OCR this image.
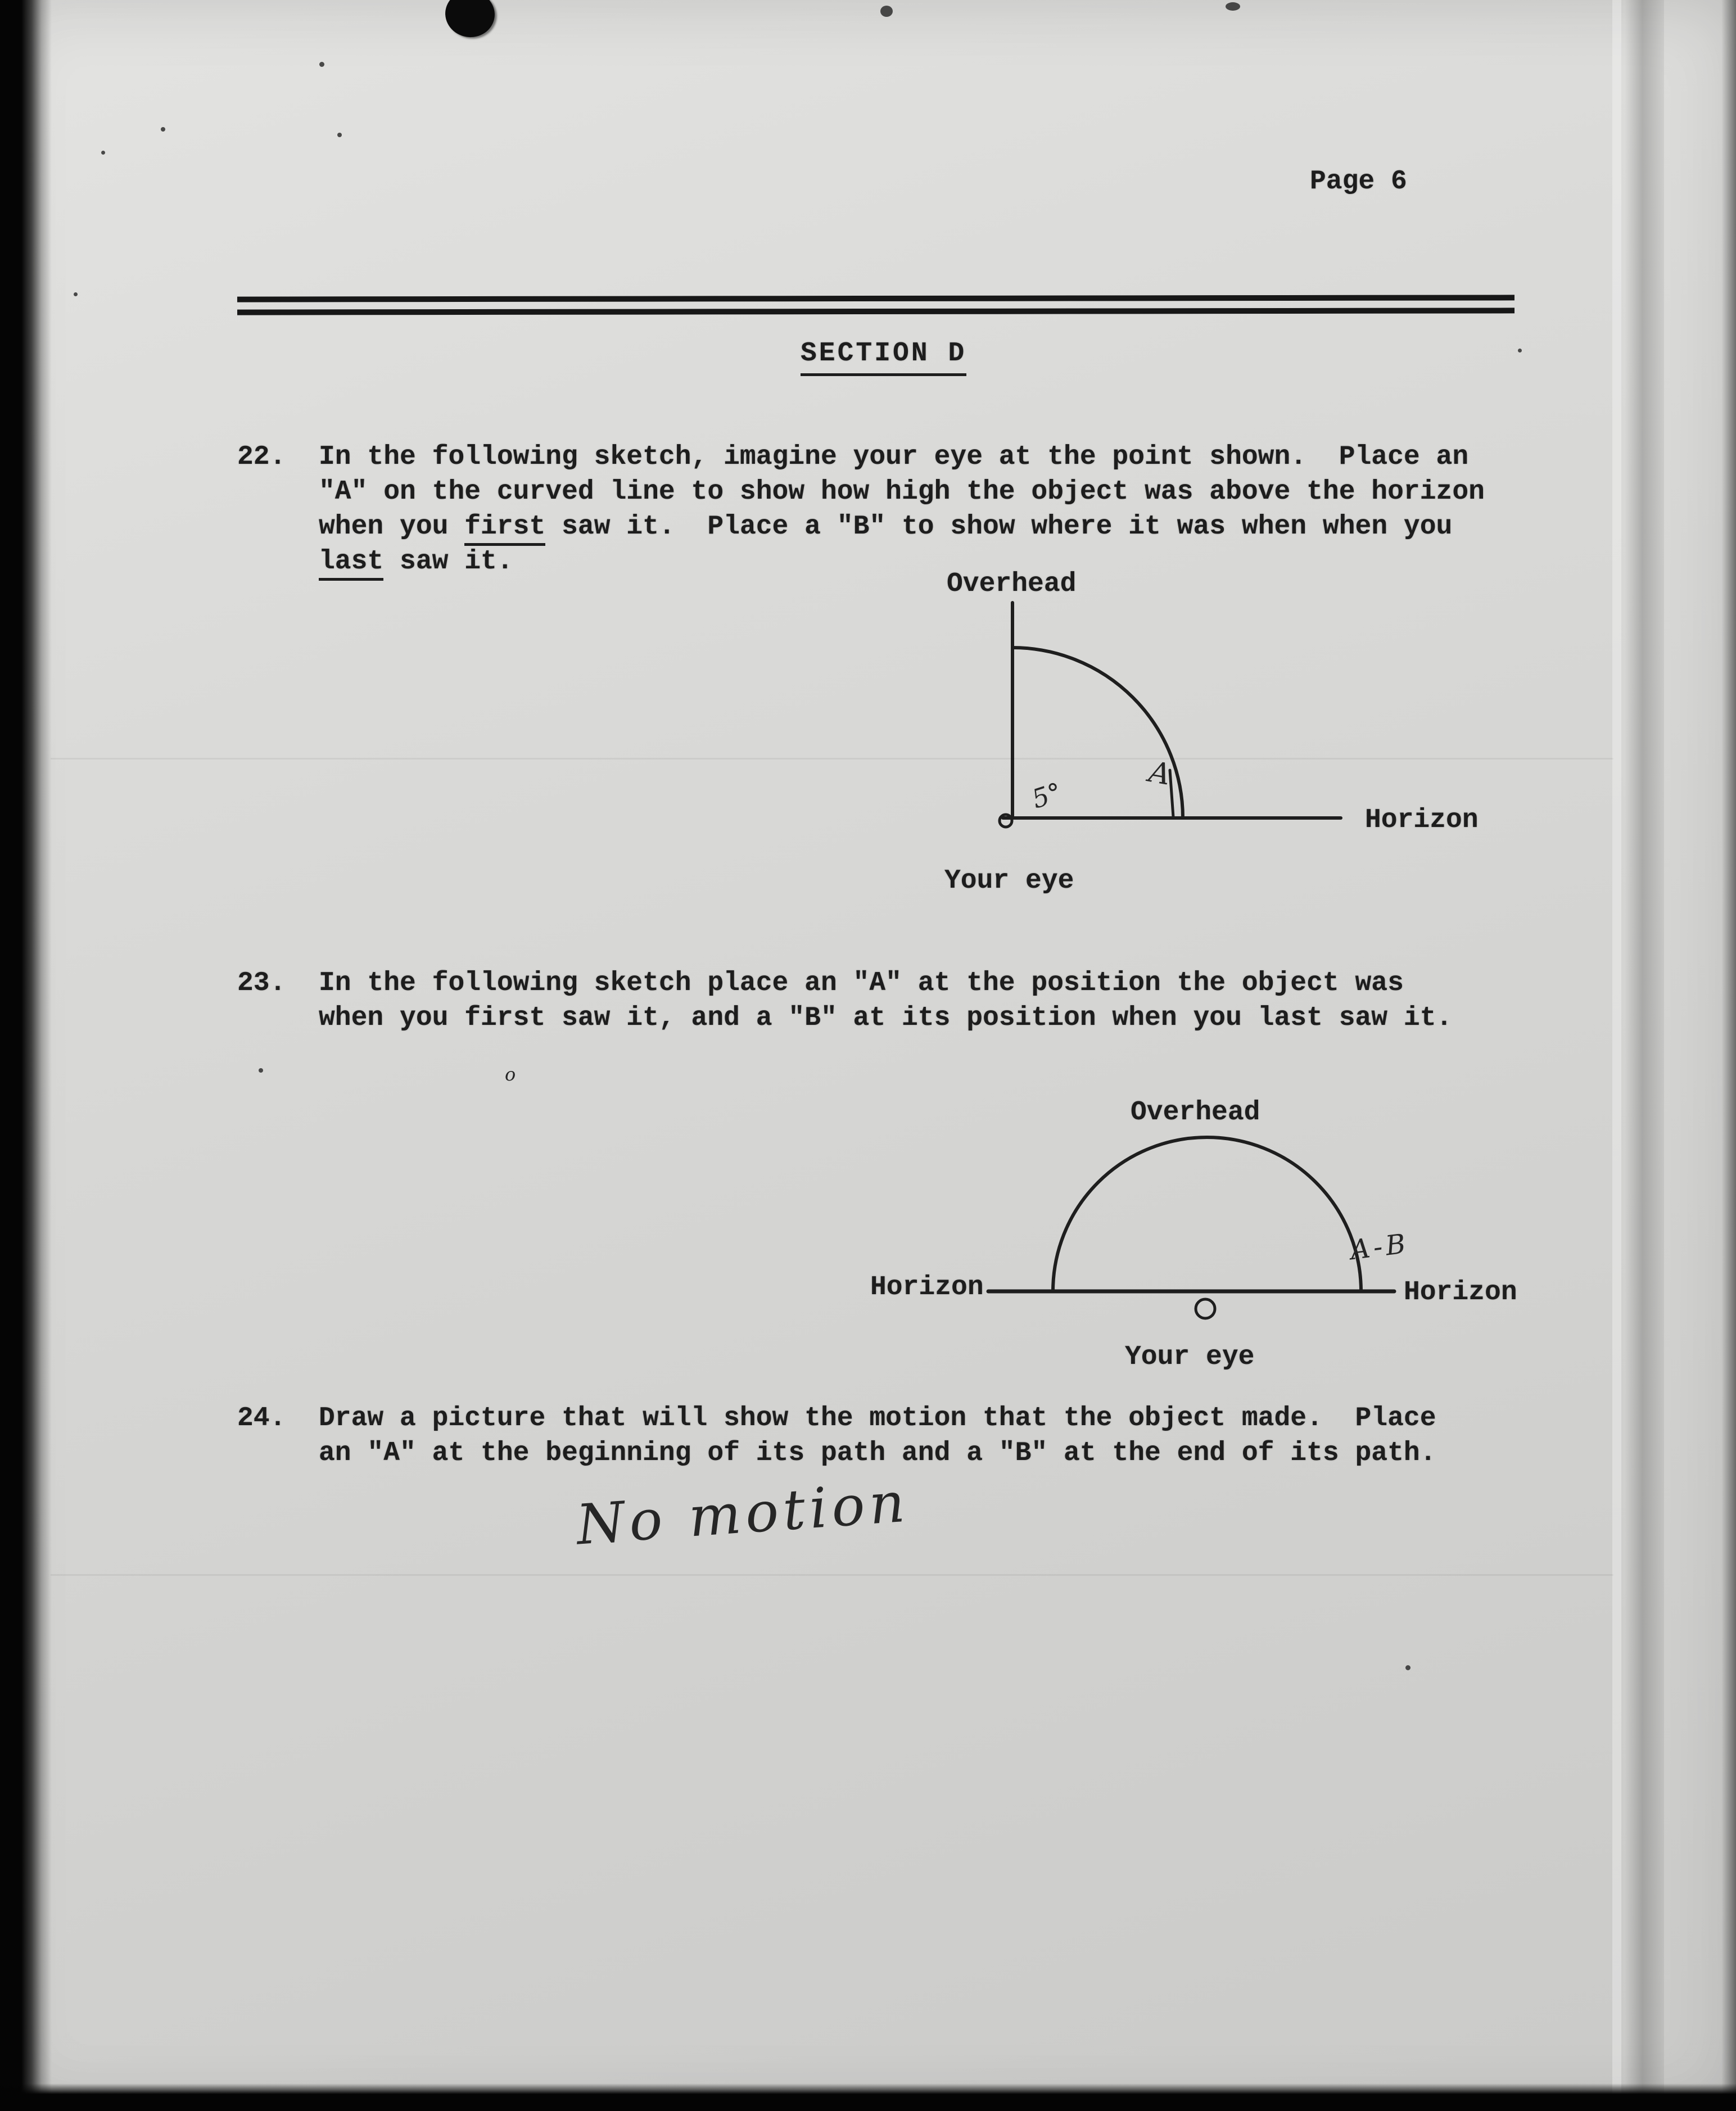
Page 6
SECTION D
22. In the following sketch, imagine your eye at the point shown.  Place an
"A" on the curved line to show how high the object was above the horizon
when you first saw it.  Place a "B" to show where it was when when you
last saw it.
Overhead
Horizon
Your eye
5°
A
23. In the following sketch place an "A" at the position the object was
when you first saw it, and a "B" at its position when you last saw it.
o
Overhead
Horizon	Horizon
Your eye
A-B
24. Draw a picture that will show the motion that the object made.  Place
an "A" at the beginning of its path and a "B" at the end of its path.
No motion
